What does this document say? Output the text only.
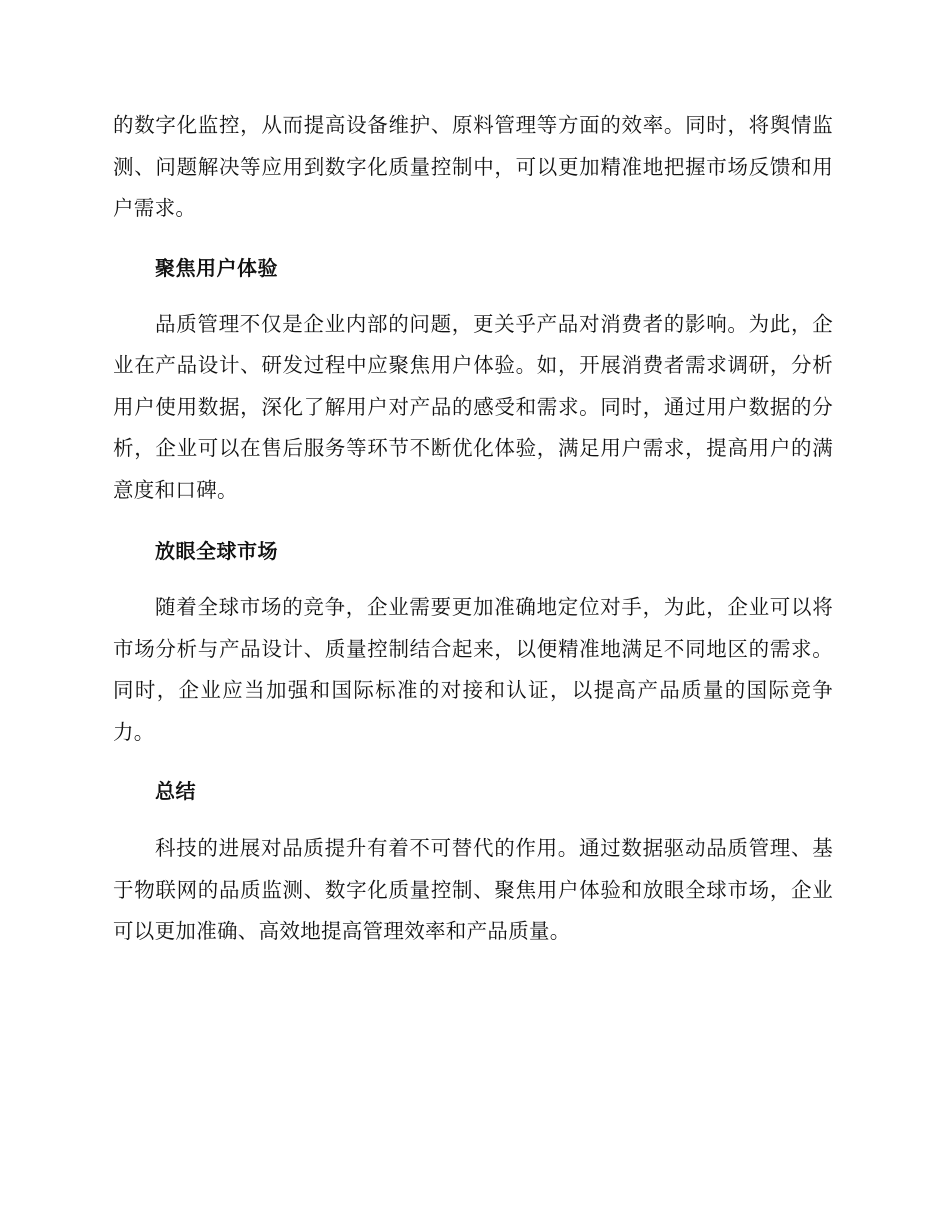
的数字化监控，从而提高设备维护、原料管理等方面的效率。同时，将舆情监测、问题解决等应用到数字化质量控制中，可以更加精准地把握市场反馈和用户需求。

聚焦用户体验

品质管理不仅是企业内部的问题，更关乎产品对消费者的影响。为此，企业在产品设计、研发过程中应聚焦用户体验。如，开展消费者需求调研，分析用户使用数据，深化了解用户对产品的感受和需求。同时，通过用户数据的分析，企业可以在售后服务等环节不断优化体验，满足用户需求，提高用户的满意度和口碑。

放眼全球市场

随着全球市场的竞争，企业需要更加准确地定位对手，为此，企业可以将市场分析与产品设计、质量控制结合起来，以便精准地满足不同地区的需求。同时，企业应当加强和国际标准的对接和认证，以提高产品质量的国际竞争力。

总结

科技的进展对品质提升有着不可替代的作用。通过数据驱动品质管理、基于物联网的品质监测、数字化质量控制、聚焦用户体验和放眼全球市场，企业可以更加准确、高效地提高管理效率和产品质量。
